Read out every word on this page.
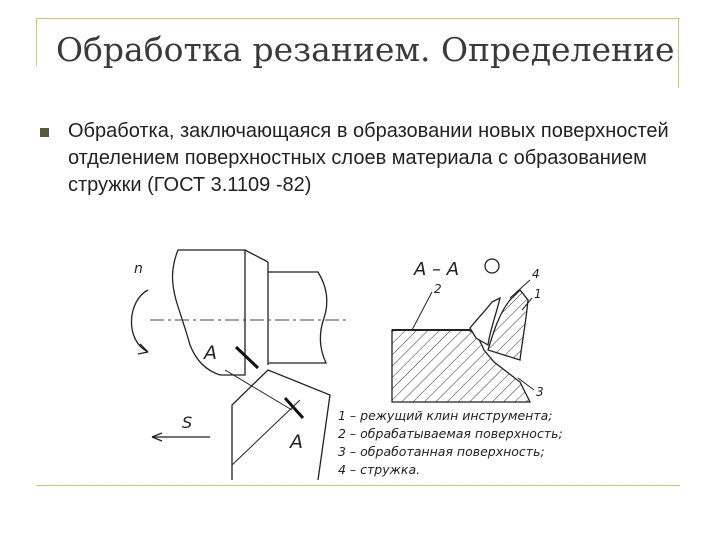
Обработка резанием. Определение
Обработка, заключающаяся в образовании новых поверхностей отделением поверхностных слоев материала с образованием стружки (ГОСТ 3.1109 -82)
n
A
A
S
А – А
2
4
1
3
1 – режущий клин инструмента;
2 – обрабатываемая поверхность;
3 – обработанная поверхность;
4 – стружка.
